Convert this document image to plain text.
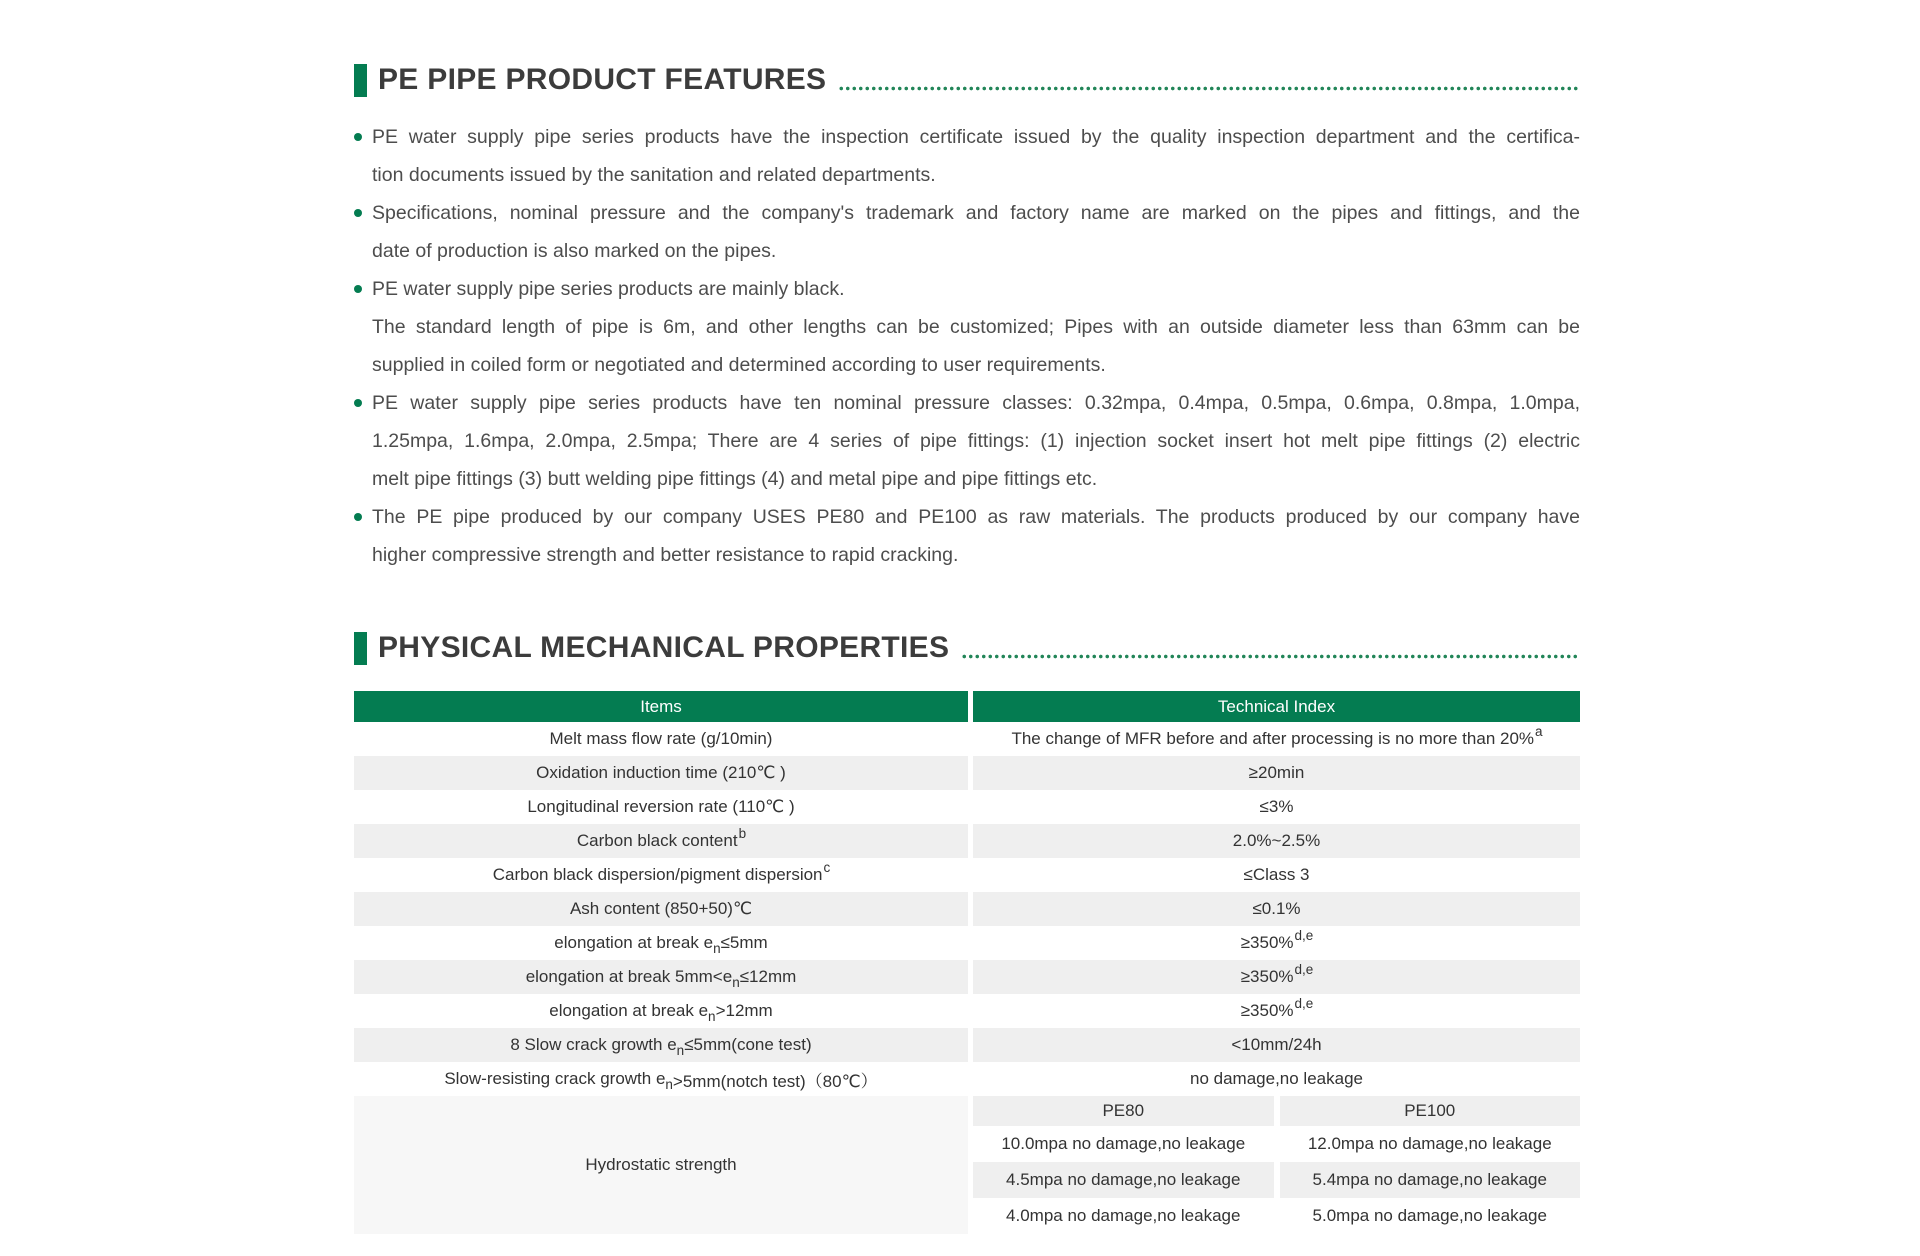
PE PIPE PRODUCT FEATURES
PE water supply pipe series products have the inspection certificate issued by the quality inspection department and the certifica-
tion documents issued by the sanitation and related departments.
Specifications, nominal pressure and the company's trademark and factory name are marked on the pipes and fittings, and the
date of production is also marked on the pipes.
PE water supply pipe series products are mainly black.
The standard length of pipe is 6m, and other lengths can be customized; Pipes with an outside diameter less than 63mm can be
supplied in coiled form or negotiated and determined according to user requirements.
PE water supply pipe series products have ten nominal pressure classes: 0.32mpa, 0.4mpa, 0.5mpa, 0.6mpa, 0.8mpa, 1.0mpa,
1.25mpa, 1.6mpa, 2.0mpa, 2.5mpa; There are 4 series of pipe fittings: (1) injection socket insert hot melt pipe fittings (2) electric
melt pipe fittings (3) butt welding pipe fittings (4) and metal pipe and pipe fittings etc.
The PE pipe produced by our company USES PE80 and PE100 as raw materials. The products produced by our company have
higher compressive strength and better resistance to rapid cracking.
PHYSICAL MECHANICAL PROPERTIES
Items	Technical Index
Melt mass flow rate (g/10min)	The change of MFR before and after processing is no more than 20%$^a$
Oxidation induction time (210℃ )	≥20min
Longitudinal reversion rate (110℃ )	≤3%
Carbon black content$^b$	2.0%~2.5%
Carbon black dispersion/pigment dispersion$^c$	≤Class 3
Ash content (850+50)℃	≤0.1%
elongation at break $e_n \le 5mm$	≥350%$^{d,e}$
elongation at break $5mm<e_n \le 12mm$	≥350%$^{d,e}$
elongation at break $e_n >12mm$	≥350%$^{d,e}$
8 Slow crack growth $e_n$ ≤5mm(cone test)	<10mm/24h
Slow-resisting crack growth $e_n$ >5mm(notch test)（80℃）	no damage,no leakage
Hydrostatic strength
PE80	PE100
10.0mpa no damage,no leakage	12.0mpa no damage,no leakage
4.5mpa no damage,no leakage	5.4mpa no damage,no leakage
4.0mpa no damage,no leakage	5.0mpa no damage,no leakage
